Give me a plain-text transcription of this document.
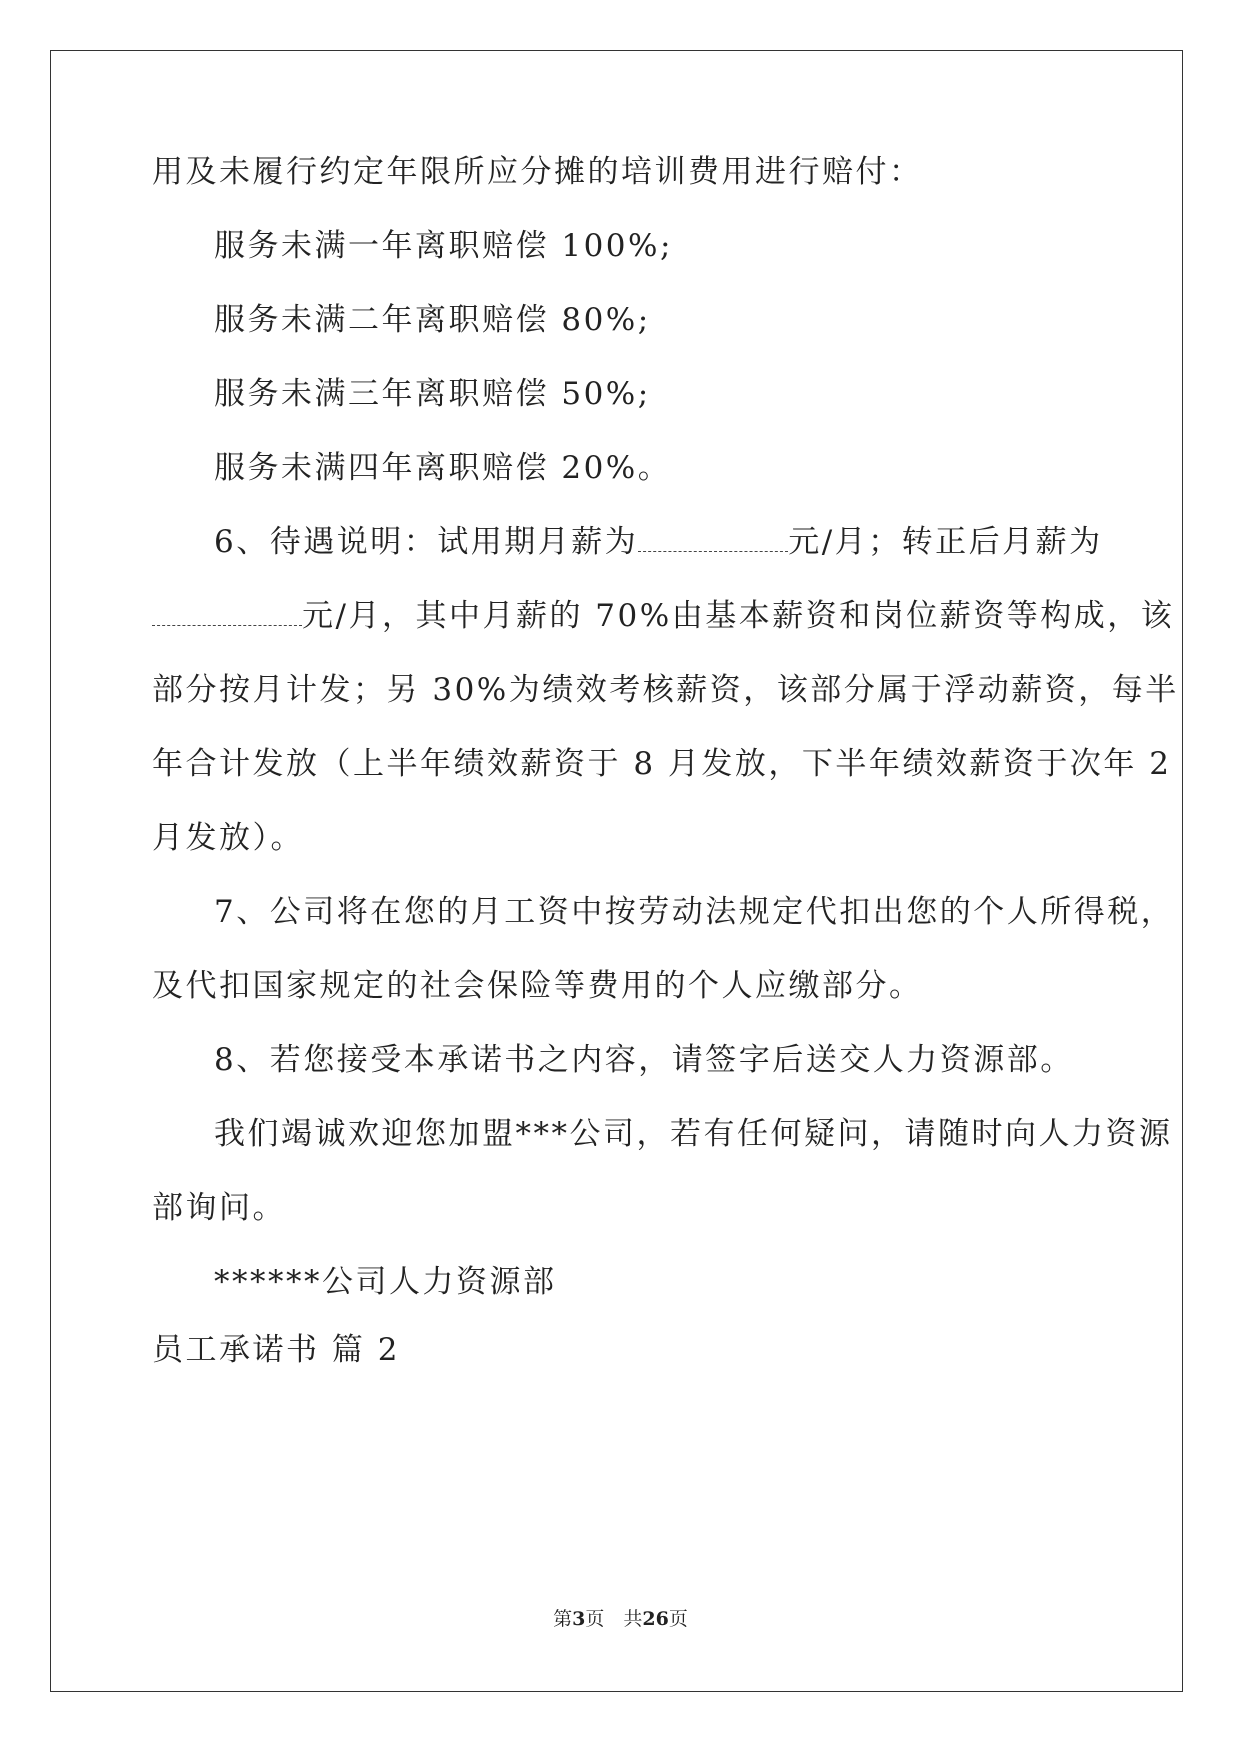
用及未履行约定年限所应分摊的培训费用进行赔付：
服务未满一年离职赔偿 100%;
服务未满二年离职赔偿 80%;
服务未满三年离职赔偿 50%;
服务未满四年离职赔偿 20%。
6、待遇说明：试用期月薪为	元/月；转正后月薪为
元/月，其中月薪的 70%由基本薪资和岗位薪资等构成，该
部分按月计发；另 30%为绩效考核薪资，该部分属于浮动薪资，每半
年合计发放（上半年绩效薪资于 8 月发放，下半年绩效薪资于次年 2
月发放）。
7、公司将在您的月工资中按劳动法规定代扣出您的个人所得税，
及代扣国家规定的社会保险等费用的个人应缴部分。
8、若您接受本承诺书之内容，请签字后送交人力资源部。
我们竭诚欢迎您加盟***公司，若有任何疑问，请随时向人力资源
部询问。
******公司人力资源部
员工承诺书 篇 2
第3页　共26页
